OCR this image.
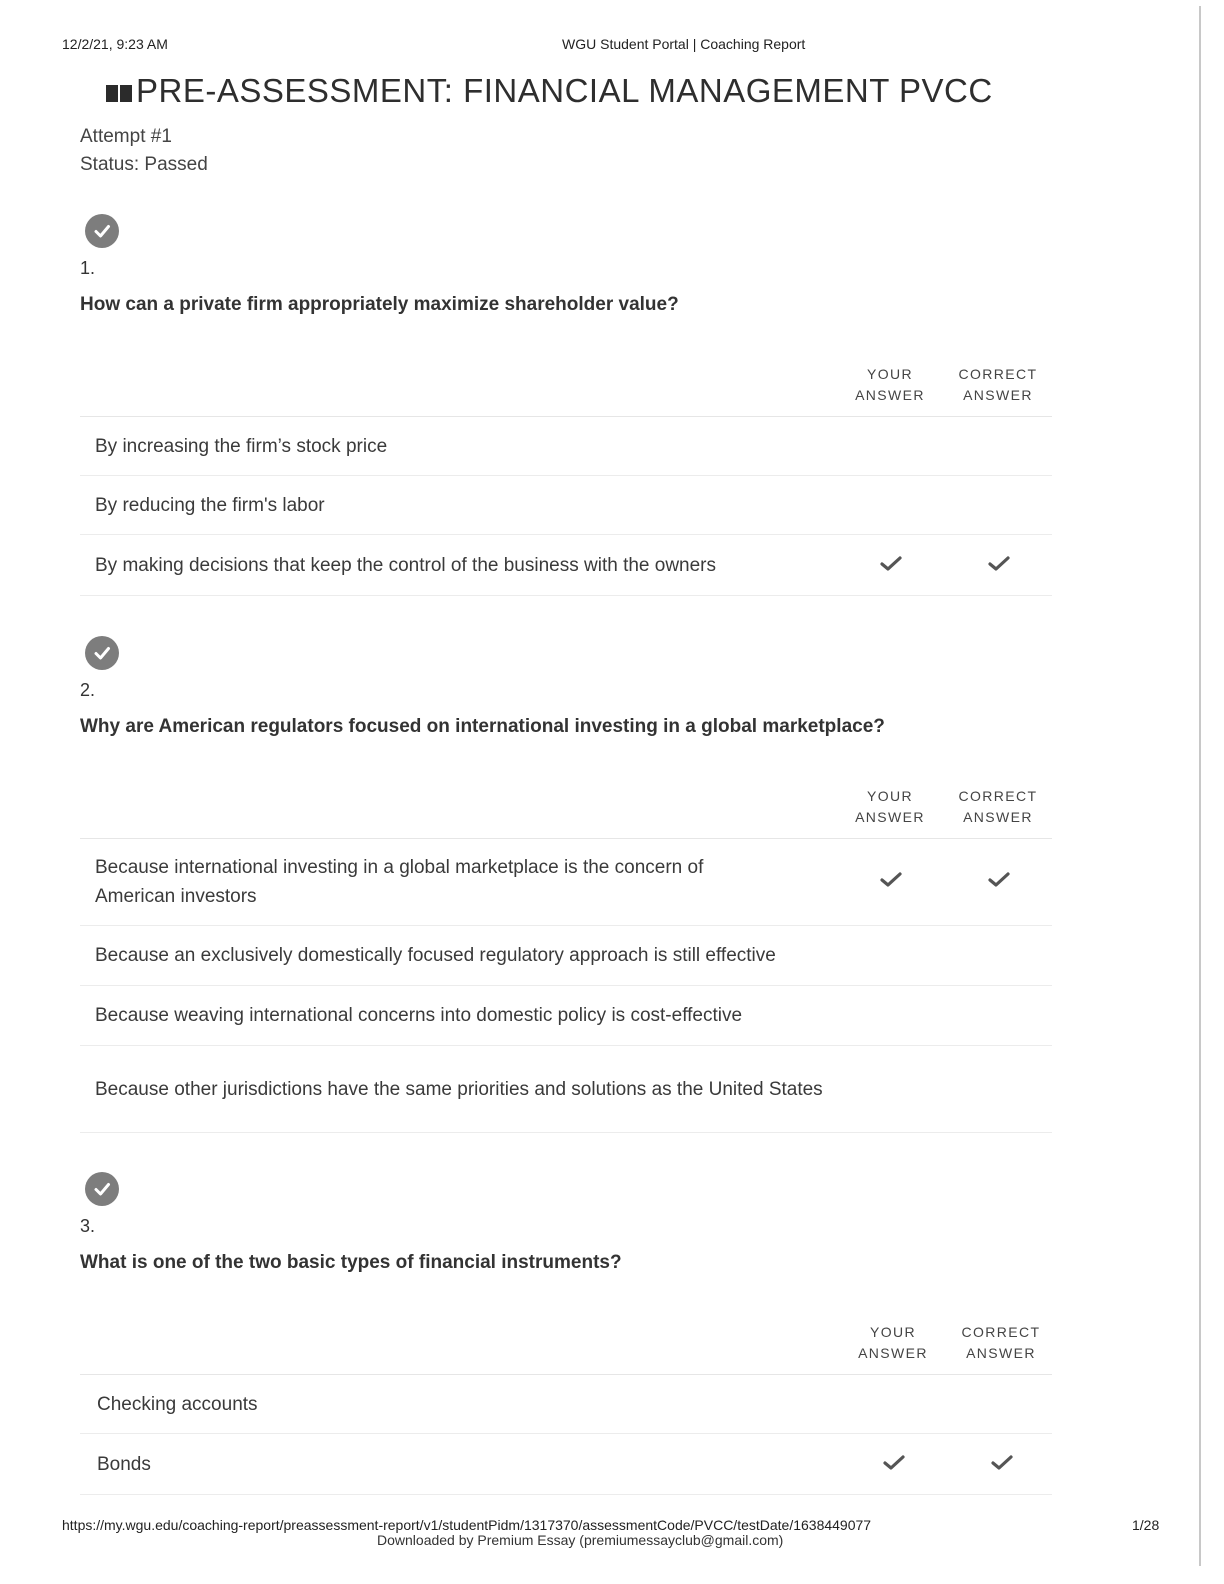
12/2/21, 9:23 AM	WGU Student Portal | Coaching Report
PRE-ASSESSMENT: FINANCIAL MANAGEMENT PVCC
Attempt #1
Status: Passed
1.
How can a private firm appropriately maximize shareholder value?
YOUR
ANSWER
CORRECT
ANSWER
By increasing the firm’s stock price
By reducing the firm's labor
By making decisions that keep the control of the business with the owners
2.
Why are American regulators focused on international investing in a global marketplace?
YOUR
ANSWER
CORRECT
ANSWER
Because international investing in a global marketplace is the concern of American investors
Because an exclusively domestically focused regulatory approach is still effective
Because weaving international concerns into domestic policy is cost-effective
Because other jurisdictions have the same priorities and solutions as the United States
3.
What is one of the two basic types of financial instruments?
YOUR
ANSWER
CORRECT
ANSWER
Checking accounts
Bonds
https://my.wgu.edu/coaching-report/preassessment-report/v1/studentPidm/1317370/assessmentCode/PVCC/testDate/1638449077	1/28
Downloaded by Premium Essay (premiumessayclub@gmail.com)
